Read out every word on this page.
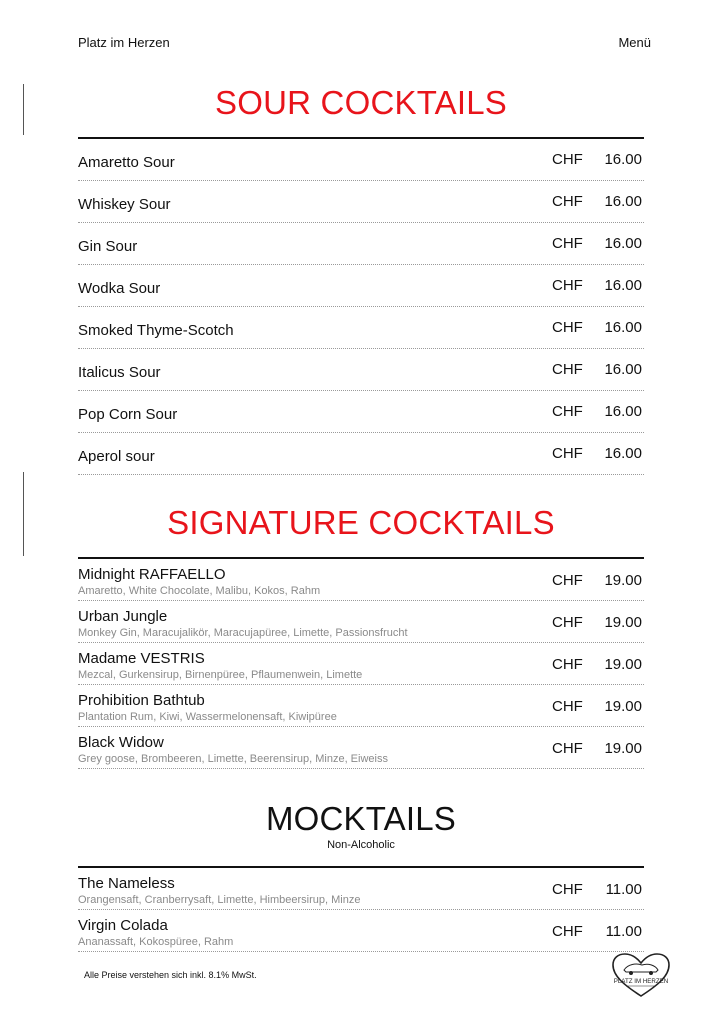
Platz im Herzen	Menü
SOUR COCKTAILS
Amaretto Sour	CHF 16.00
Whiskey Sour	CHF 16.00
Gin Sour	CHF 16.00
Wodka Sour	CHF 16.00
Smoked Thyme-Scotch	CHF 16.00
Italicus Sour	CHF 16.00
Pop Corn Sour	CHF 16.00
Aperol sour	CHF 16.00
SIGNATURE COCKTAILS
Midnight RAFFAELLO
Amaretto, White Chocolate, Malibu, Kokos, Rahm
CHF 19.00
Urban Jungle
Monkey Gin, Maracujalikör, Maracujapüree, Limette, Passionsfrucht
CHF 19.00
Madame VESTRIS
Mezcal, Gurkensirup, Birnenpüree, Pflaumenwein, Limette
CHF 19.00
Prohibition Bathtub
Plantation Rum, Kiwi, Wassermelonensaft, Kiwipüree
CHF 19.00
Black Widow
Grey goose, Brombeeren, Limette, Beerensirup, Minze, Eiweiss
CHF 19.00
MOCKTAILS
Non-Alcoholic
The Nameless
Orangensaft, Cranberrysaft, Limette, Himbeersirup, Minze
CHF 11.00
Virgin Colada
Ananassaft, Kokospüree, Rahm
CHF 11.00
Alle Preise verstehen sich inkl. 8.1% MwSt.
PLATZ IM HERZEN
